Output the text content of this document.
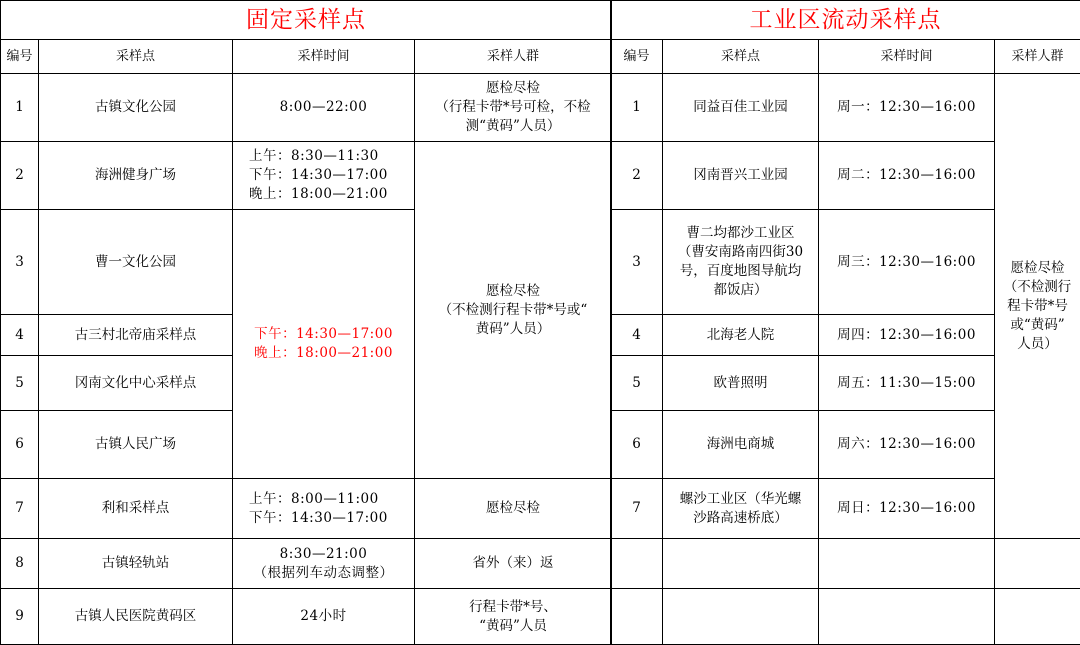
固定采样点			
编号	采样点	采样时间	采样人群
1	古镇文化公园	8:00—22:00	愿检尽检
（行程卡带*号可检，不检
测“黄码”人员）

2	海洲健身广场	上午：8:30—11:30
下午：14:30—17:00
晚上：18:00—21:00	愿检尽检
（不检测行程卡带*号或“
黄码”人员）

3	曹一文化公园	下午：14:30—17:00
晚上：18:00—21:00	

4	古三村北帝庙采样点		
5	冈南文化中心采样点		
6	古镇人民广场		
7	利和采样点	上午：8:00—11:00
下午：14:30—17:00	愿检尽检

8	古镇轻轨站	8:30—21:00
（根据列车动态调整）	省外（来）返

9	古镇人民医院黄码区	24小时	行程卡带*号、
“黄码”人员
工业区流动采样点			
编号	采样点	采样时间	采样人群
1	同益百佳工业园	周一：12:30—16:00	愿检尽检
（不检测行
程卡带*号
或“黄码”
人员）

2	冈南晋兴工业园	周二：12:30—16:00	
3	曹二均都沙工业区
（曹安南路南四街30
号，百度地图导航均
都饭店）	周三：12:30—16:00	
4	北海老人院	周四：12:30—16:00	
5	欧普照明	周五：11:30—15:00	
6	海洲电商城	周六：12:30—16:00	
7	螺沙工业区（华光螺
沙路高速桥底）	周日：12:30—16:00	
